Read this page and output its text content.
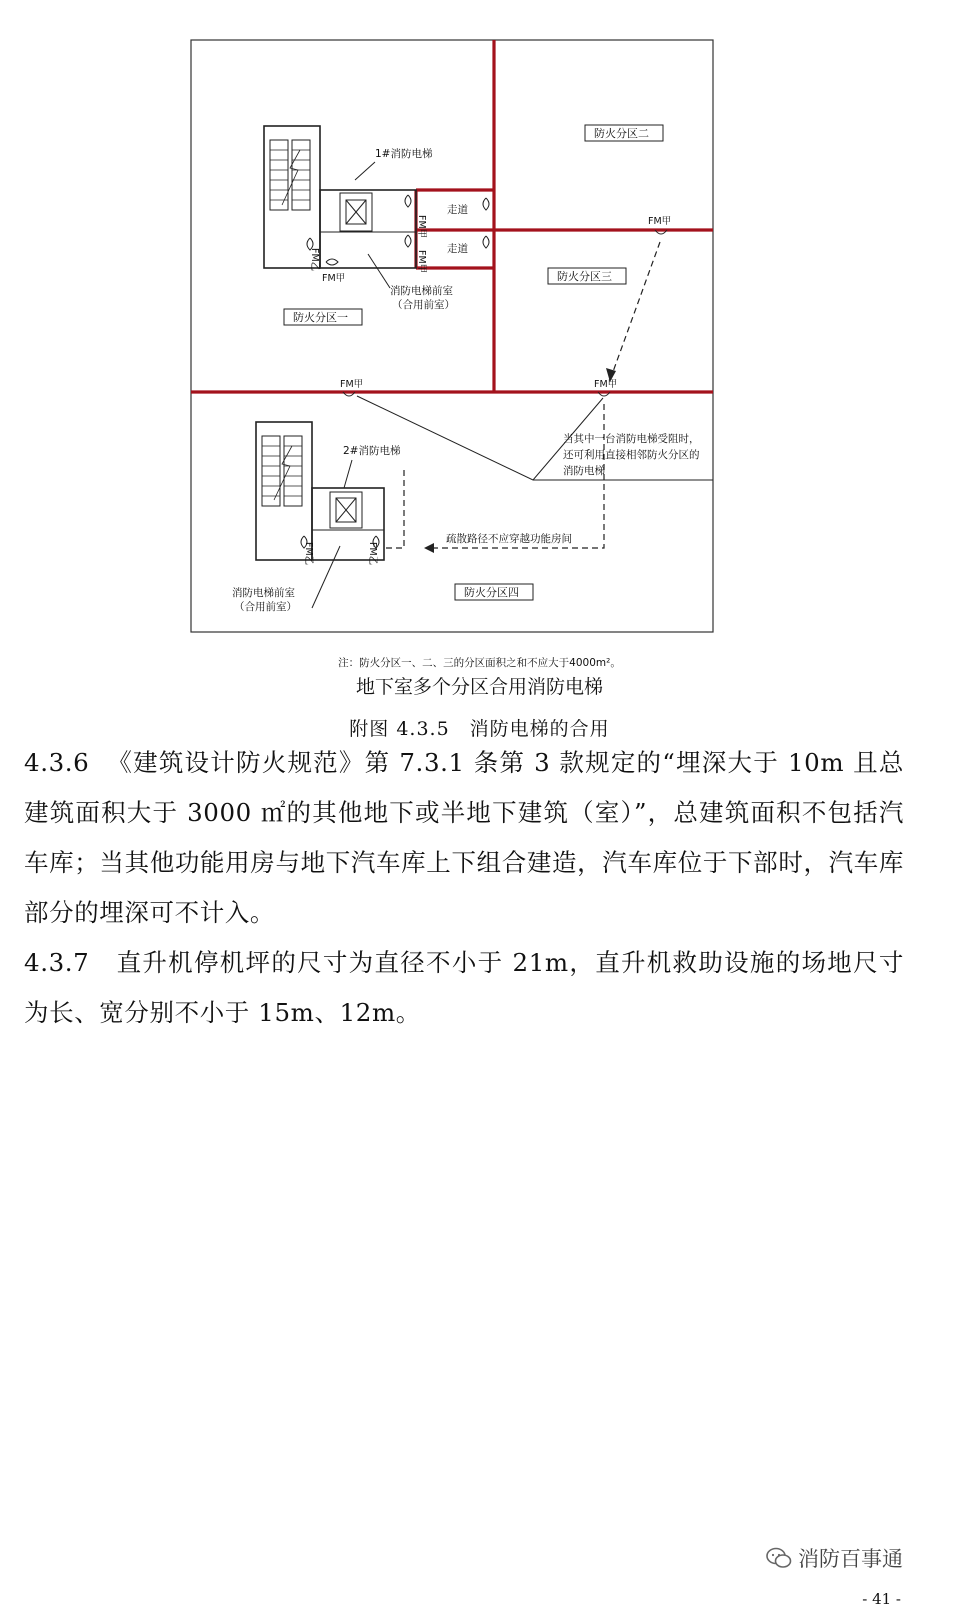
1#消防电梯
FM甲
FM甲
FM乙
FM甲
FM甲
走道
走道
消防电梯前室
（合用前室）
防火分区二
防火分区三
防火分区一
防火分区四
FM甲	FM甲
当其中一台消防电梯受阻时，
还可利用直接相邻防火分区的
消防电梯
2#消防电梯
FM乙	FM乙
疏散路径不应穿越功能房间
消防电梯前室
（合用前室）
注：防火分区一、二、三的分区面积之和不应大于4000m²。
地下室多个分区合用消防电梯
附图 4.3.5　消防电梯的合用
4.3.6 《建筑设计防火规范》第 7.3.1 条第 3 款规定的“埋深大于 10m 且总建筑面积大于 3000 ㎡的其他地下或半地下建筑（室）”，总建筑面积不包括汽车库；当其他功能用房与地下汽车库上下组合建造，汽车库位于下部时，汽车库部分的埋深可不计入。
4.3.7 直升机停机坪的尺寸为直径不小于 21m，直升机救助设施的场地尺寸为长、宽分别不小于 15m、12m。
消防百事通
- 41 -
